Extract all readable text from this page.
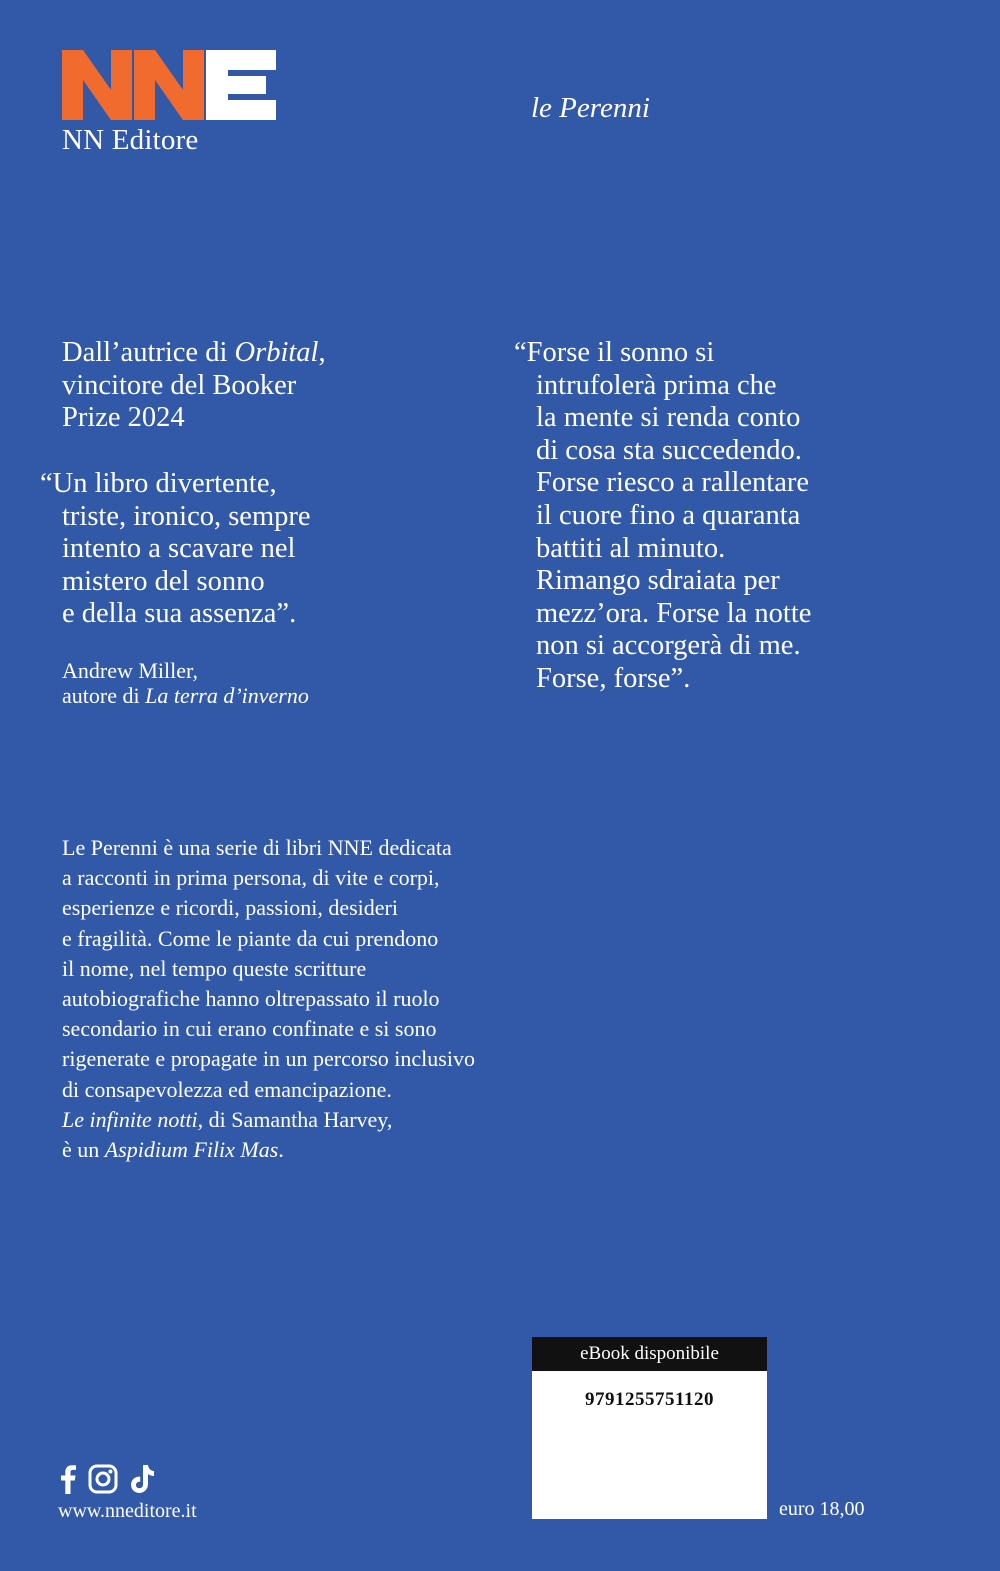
NN Editore
le Perenni
Dall’autrice di Orbital,
vincitore del Booker
Prize 2024
“Un libro divertente,
triste, ironico, sempre
intento a scavare nel
mistero del sonno
e della sua assenza”.
Andrew Miller,
autore di La terra d’inverno
“Forse il sonno si
intrufolerà prima che
la mente si renda conto
di cosa sta succedendo.
Forse riesco a rallentare
il cuore fino a quaranta
battiti al minuto.
Rimango sdraiata per
mezz’ora. Forse la notte
non si accorgerà di me.
Forse, forse”.
Le Perenni è una serie di libri NNE dedicata
a racconti in prima persona, di vite e corpi,
esperienze e ricordi, passioni, desideri
e fragilità. Come le piante da cui prendono
il nome, nel tempo queste scritture
autobiografiche hanno oltrepassato il ruolo
secondario in cui erano confinate e si sono
rigenerate e propagate in un percorso inclusivo
di consapevolezza ed emancipazione.
Le infinite notti, di Samantha Harvey,
è un Aspidium Filix Mas.
eBook disponibile
9791255751120
euro 18,00
www.nneditore.it
